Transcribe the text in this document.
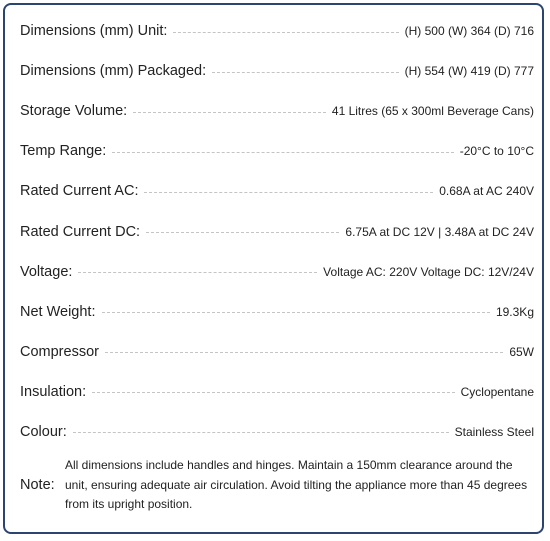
Dimensions (mm) Unit:	(H) 500 (W) 364 (D) 716
Dimensions (mm) Packaged:	(H) 554 (W) 419 (D) 777
Storage Volume:	41 Litres (65 x 300ml Beverage Cans)
Temp Range:	-20°C to 10°C
Rated Current AC:	0.68A at AC 240V
Rated Current DC:	6.75A at DC 12V | 3.48A at DC 24V
Voltage:	Voltage AC: 220V Voltage DC: 12V/24V
Net Weight:	19.3Kg
Compressor	65W
Insulation:	Cyclopentane
Colour:	Stainless Steel
Note:
All dimensions include handles and hinges. Maintain a 150mm clearance around the unit, ensuring adequate air circulation. Avoid tilting the appliance more than 45 degrees from its upright position.
